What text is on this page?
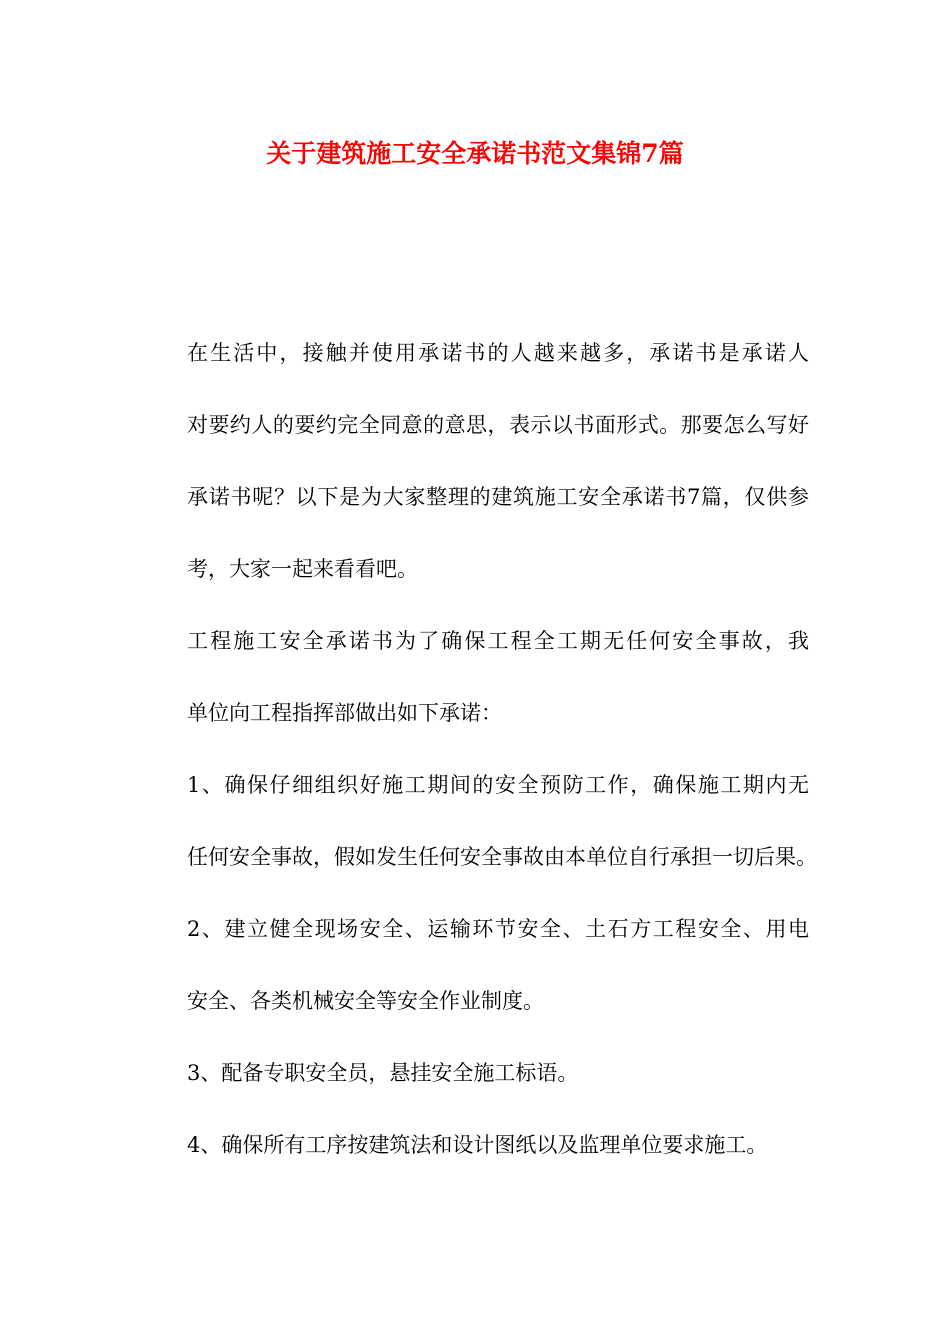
关于建筑施工安全承诺书范文集锦7篇

在生活中，接触并使用承诺书的人越来越多，承诺书是承诺人
对要约人的要约完全同意的意思，表示以书面形式。那要怎么写好
承诺书呢？以下是为大家整理的建筑施工安全承诺书7篇，仅供参
考，大家一起来看看吧。

工程施工安全承诺书为了确保工程全工期无任何安全事故，我
单位向工程指挥部做出如下承诺：

1、确保仔细组织好施工期间的安全预防工作，确保施工期内无
任何安全事故，假如发生任何安全事故由本单位自行承担一切后果。

2、建立健全现场安全、运输环节安全、土石方工程安全、用电
安全、各类机械安全等安全作业制度。

3、配备专职安全员，悬挂安全施工标语。

4、确保所有工序按建筑法和设计图纸以及监理单位要求施工。
